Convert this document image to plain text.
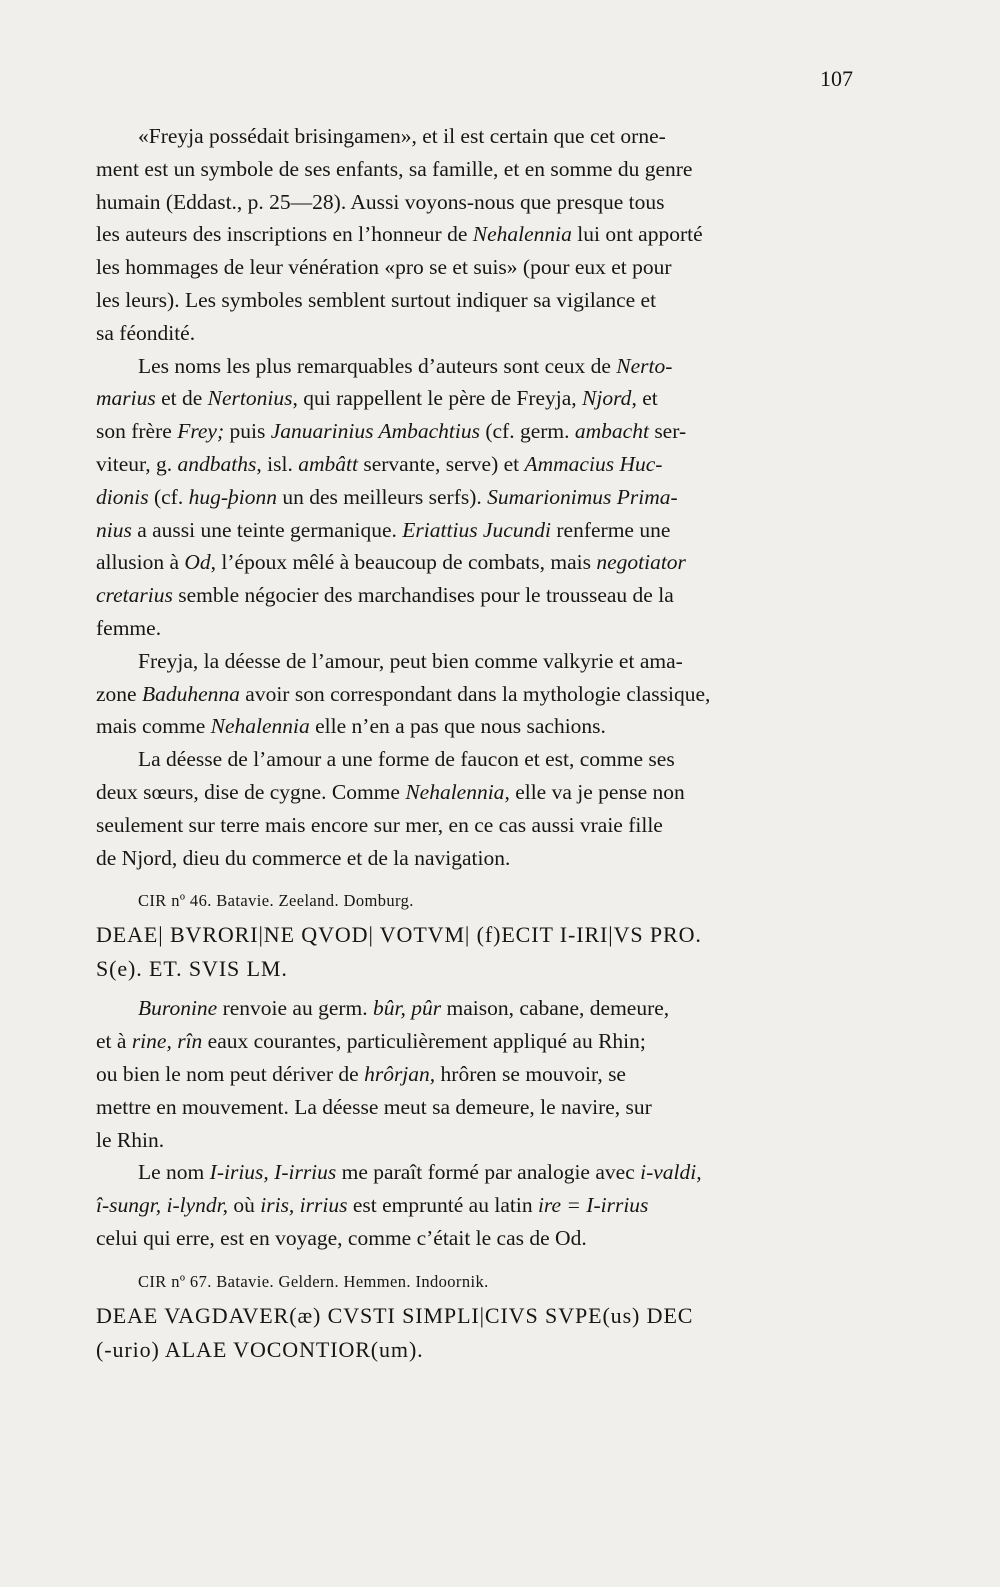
107

«Freyja possédait brisingamen», et il est certain que cet orne-
ment est un symbole de ses enfants, sa famille, et en somme du genre
humain (Eddast., p. 25—28). Aussi voyons-nous que presque tous
les auteurs des inscriptions en l’honneur de Nehalennia lui ont apporté
les hommages de leur vénération «pro se et suis» (pour eux et pour
les leurs). Les symboles semblent surtout indiquer sa vigilance et
sa féondité.

Les noms les plus remarquables d’auteurs sont ceux de Nerto-
marius et de Nertonius, qui rappellent le père de Freyja, Njord, et
son frère Frey; puis Januarinius Ambachtius (cf. germ. ambacht ser-
viteur, g. andbaths, isl. ambâtt servante, serve) et Ammacius Huc-
dionis (cf. hug-þionn un des meilleurs serfs). Sumarionimus Prima-
nius a aussi une teinte germanique. Eriattius Jucundi renferme une
allusion à Od, l’époux mêlé à beaucoup de combats, mais negotiator
cretarius semble négocier des marchandises pour le trousseau de la
femme.

Freyja, la déesse de l’amour, peut bien comme valkyrie et ama-
zone Baduhenna avoir son correspondant dans la mythologie classique,
mais comme Nehalennia elle n’en a pas que nous sachions.

La déesse de l’amour a une forme de faucon et est, comme ses
deux sœurs, dise de cygne. Comme Nehalennia, elle va je pense non
seulement sur terre mais encore sur mer, en ce cas aussi vraie fille
de Njord, dieu du commerce et de la navigation.

CIR nº 46. Batavie. Zeeland. Domburg.

DEAE| BVRORI|NE QVOD| VOTVM| (f)ECIT I-IRI|VS PRO.
S(e). ET. SVIS LM.

Buronine renvoie au germ. bûr, pûr maison, cabane, demeure,
et à rine, rîn eaux courantes, particulièrement appliqué au Rhin;
ou bien le nom peut dériver de hrôrjan, hrôren se mouvoir, se
mettre en mouvement. La déesse meut sa demeure, le navire, sur
le Rhin.

Le nom I-irius, I-irrius me paraît formé par analogie avec i-valdi,
î-sungr, i-lyndr, où iris, irrius est emprunté au latin ire = I-irrius
celui qui erre, est en voyage, comme c’était le cas de Od.

CIR nº 67. Batavie. Geldern. Hemmen. Indoornik.

DEAE VAGDAVER(æ) CVSTI SIMPLI|CIVS SVPE(us) DEC
(-urio) ALAE VOCONTIOR(um).
